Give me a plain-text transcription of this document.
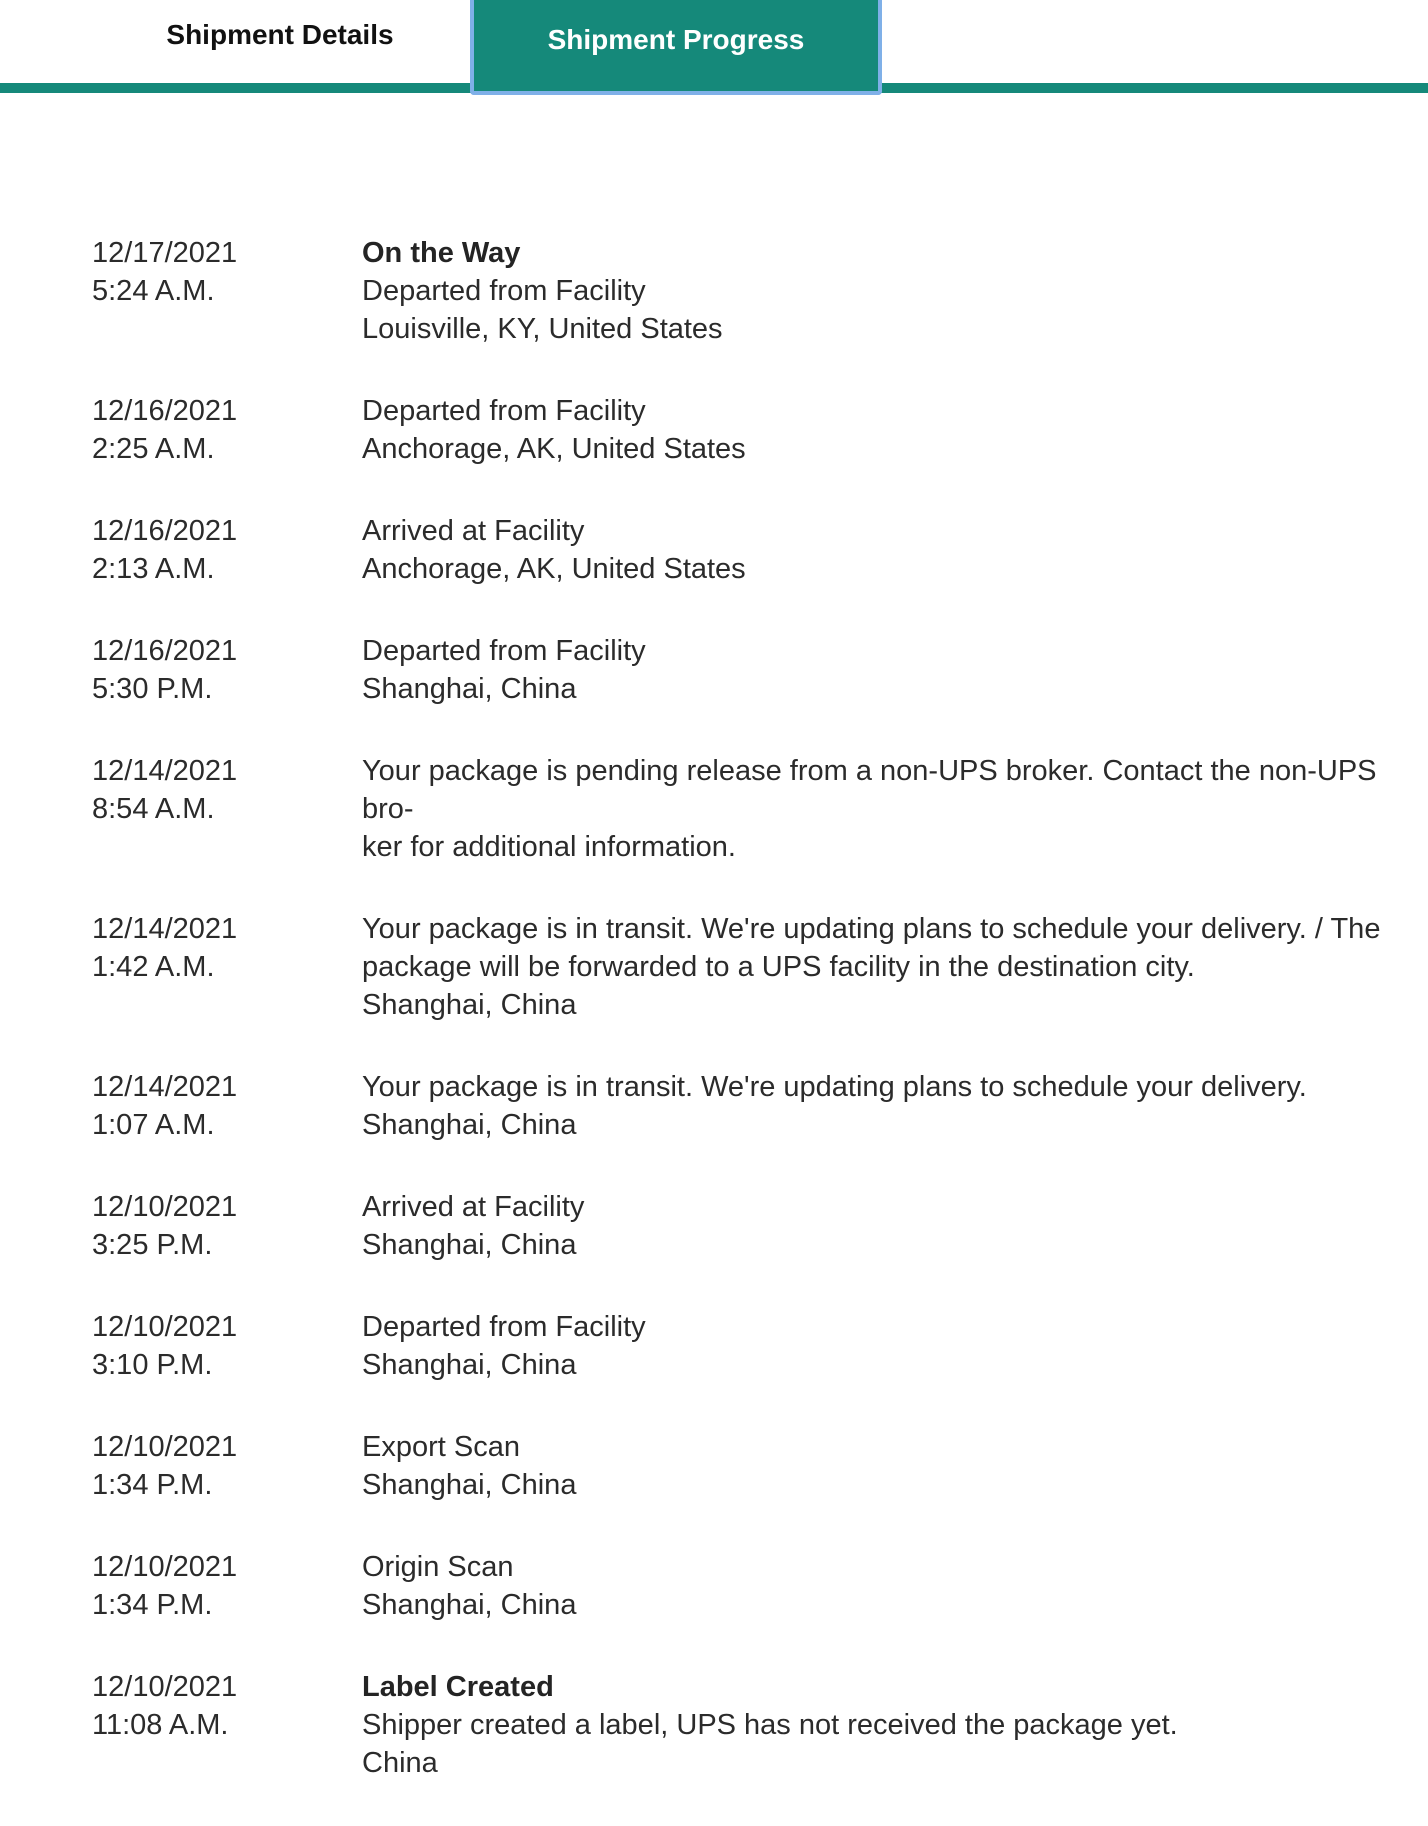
Shipment Details	Shipment Progress
12/17/2021
5:24 A.M.
On the Way
Departed from Facility
Louisville, KY, United States
12/16/2021
2:25 A.M.
Departed from Facility
Anchorage, AK, United States
12/16/2021
2:13 A.M.
Arrived at Facility
Anchorage, AK, United States
12/16/2021
5:30 P.M.
Departed from Facility
Shanghai, China
12/14/2021
8:54 A.M.
Your package is pending release from a non-UPS broker. Contact the non-UPS bro-
ker for additional information.
12/14/2021
1:42 A.M.
Your package is in transit. We're updating plans to schedule your delivery. / The
package will be forwarded to a UPS facility in the destination city.
Shanghai, China
12/14/2021
1:07 A.M.
Your package is in transit. We're updating plans to schedule your delivery.
Shanghai, China
12/10/2021
3:25 P.M.
Arrived at Facility
Shanghai, China
12/10/2021
3:10 P.M.
Departed from Facility
Shanghai, China
12/10/2021
1:34 P.M.
Export Scan
Shanghai, China
12/10/2021
1:34 P.M.
Origin Scan
Shanghai, China
12/10/2021
11:08 A.M.
Label Created
Shipper created a label, UPS has not received the package yet.
China
